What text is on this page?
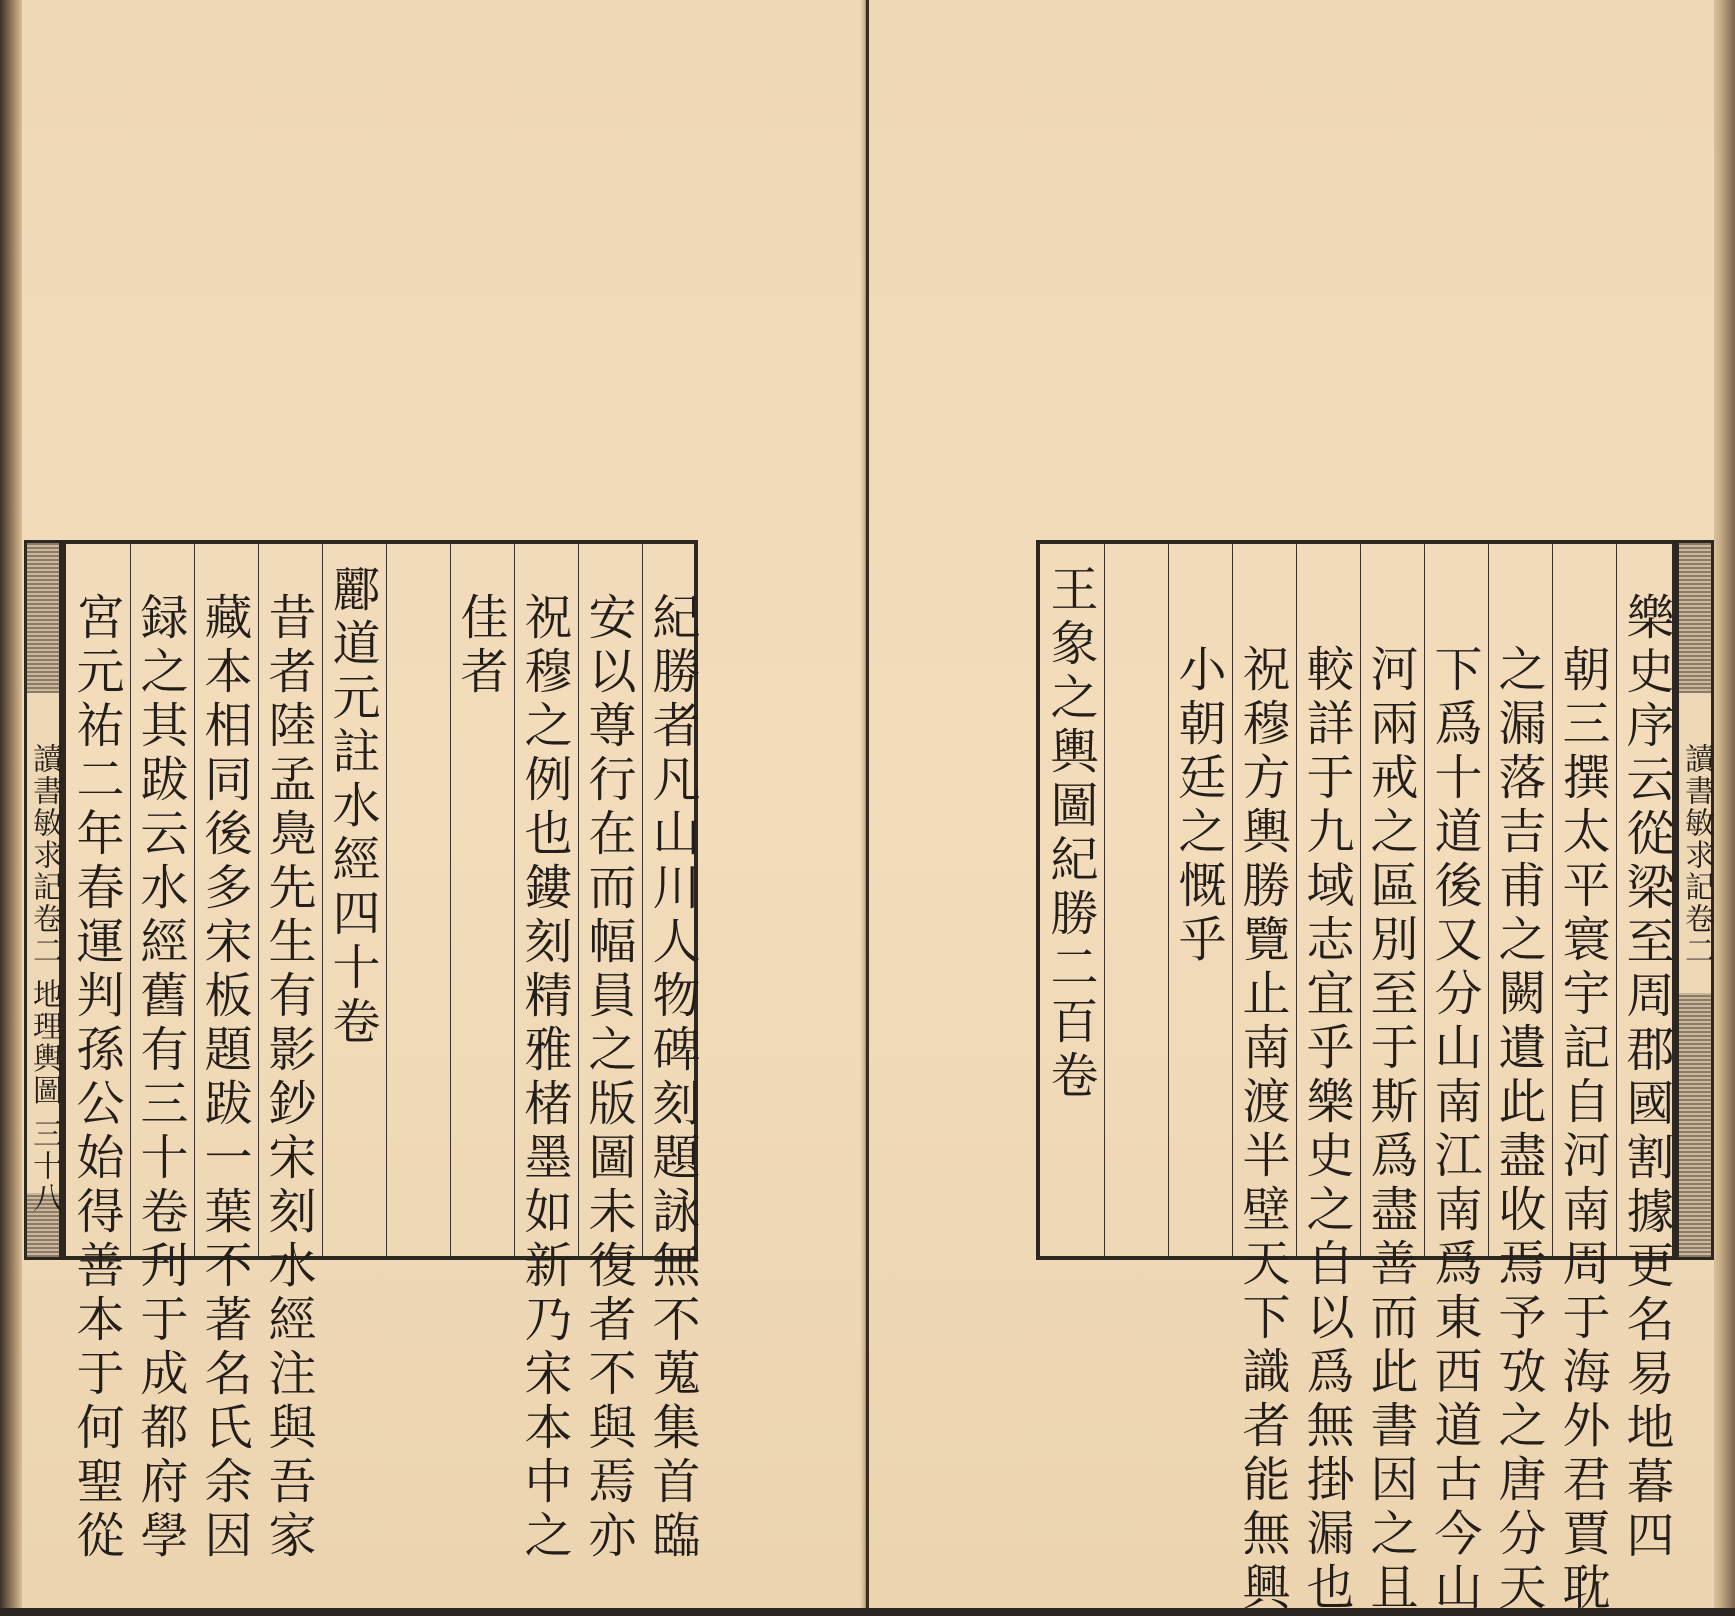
讀書敏求記卷二 地理輿圖 三十八	紀勝者凡山川人物碑刻題詠無不蒐集首臨
安以尊行在而幅員之版圖未復者不與焉亦
祝穆之例也鏤刻精雅楮墨如新乃宋本中之
佳者
酈道元註水經四十卷
昔者陸孟鳧先生有影鈔宋刻水經注與吾家
藏本相同後多宋板題跋一葉不著名氏余因
録之其跋云水經舊有三十卷刋于成都府學
宮元祐二年春運判孫公始得善本于何聖從	樂史序云從梁至周郡國割據更名易地暮四
朝三撰太平寰宇記自河南周于海外君賈耽
之漏落吉甫之闕遺此盡收焉予攷之唐分天
下爲十道後又分山南江南爲東西道古今山
河兩戒之區別至于斯爲盡善而此書因之且
較詳于九域志宜乎樂史之自以爲無掛漏也
祝穆方輿勝覽止南渡半壁天下識者能無興
小朝廷之慨乎
王象之輿圖紀勝二百卷	讀書敏求記卷二
